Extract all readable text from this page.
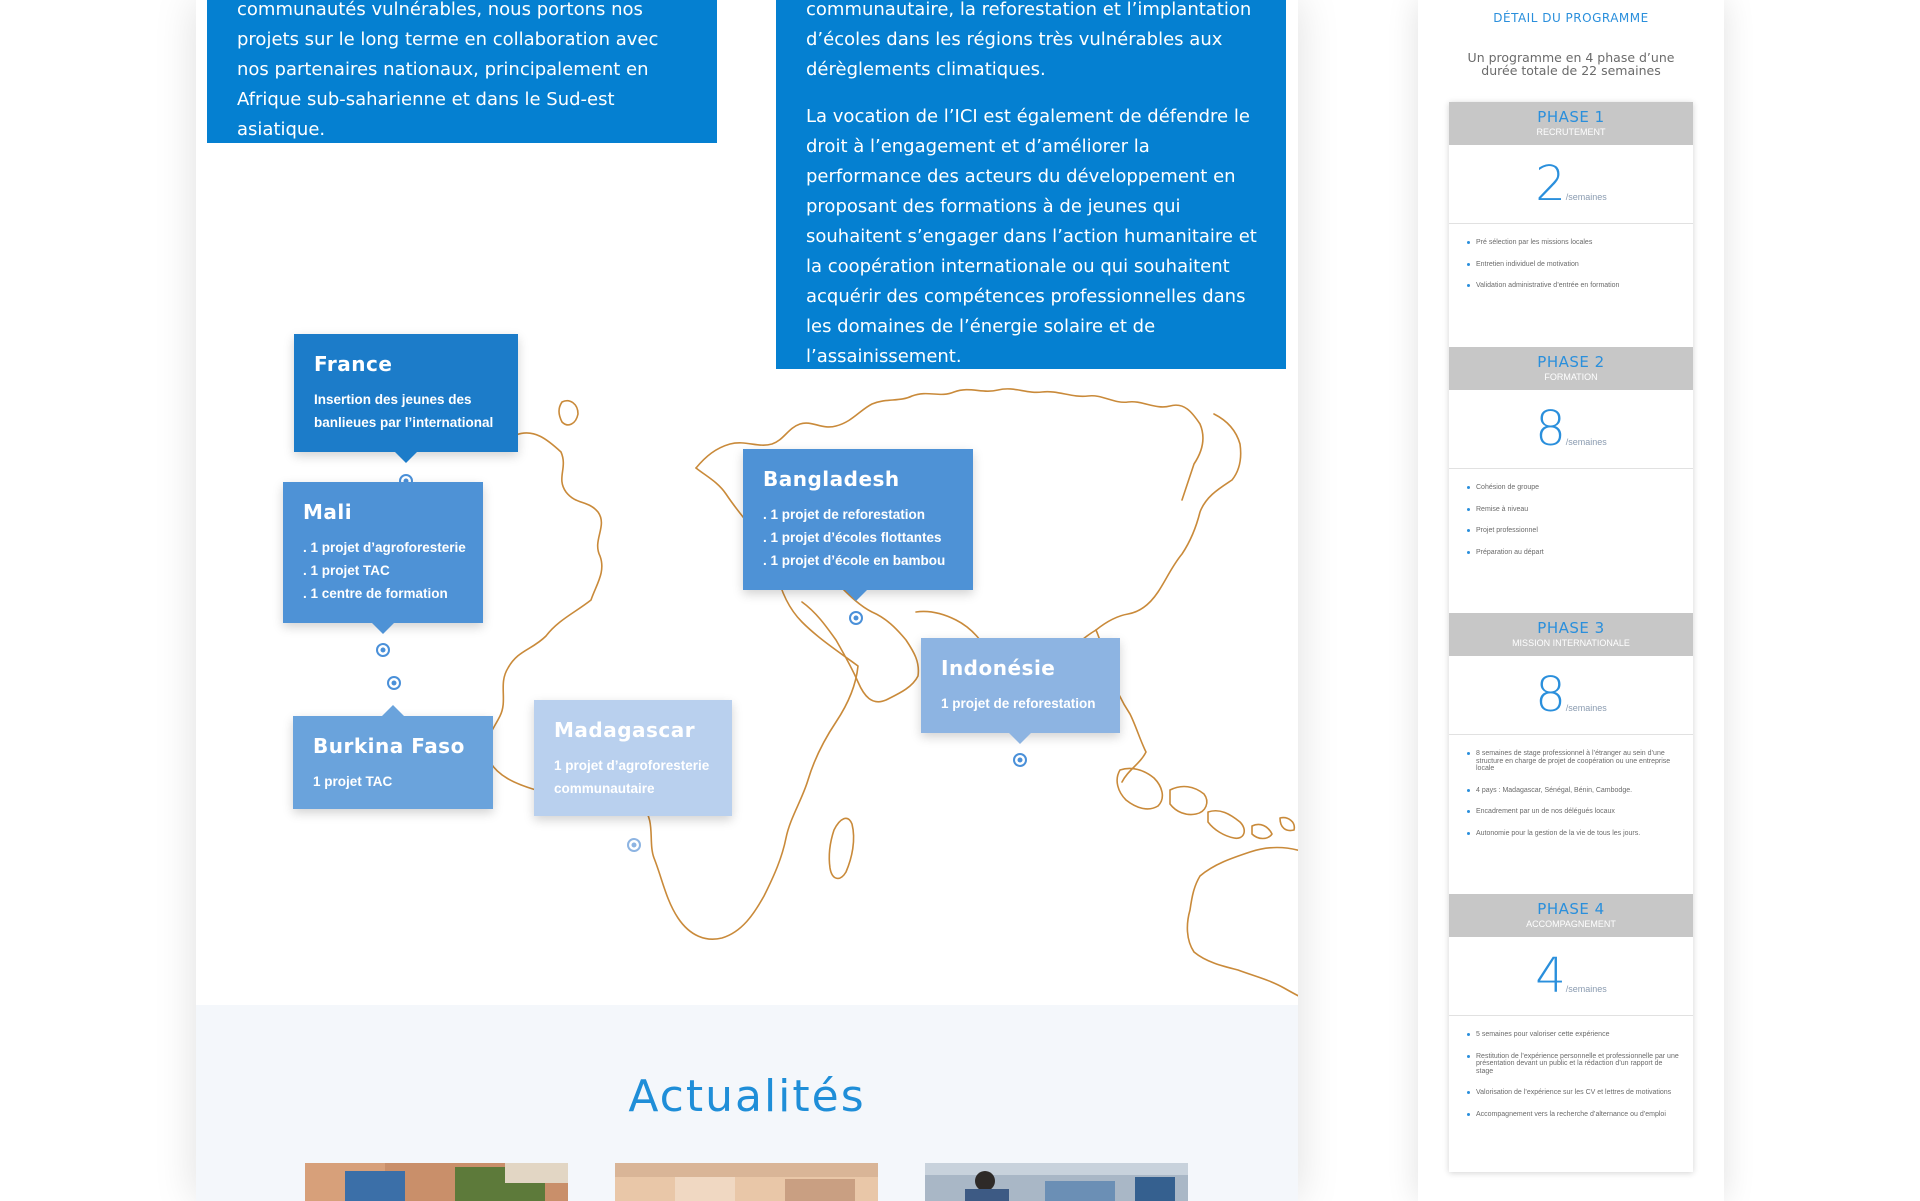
communautés vulnérables, nous portons nos projets sur le long terme en collaboration avec nos partenaires nationaux, principalement en Afrique sub-saharienne et dans le Sud-est asiatique.

communautaire, la reforestation et l’implantation d’écoles dans les régions très vulnérables aux dérèglements climatiques.

La vocation de l’ICI est également de défendre le droit à l’engagement et d’améliorer la performance des acteurs du développement en proposant des formations à de jeunes qui souhaitent s’engager dans l’action humanitaire et la coopération internationale ou qui souhaitent acquérir des compétences professionnelles dans les domaines de l’énergie solaire et de l’assainissement.

France
Insertion des jeunes des
banlieues par l’international
Mali
. 1 projet d’agroforesterie
. 1 projet TAC
. 1 centre de formation
Bangladesh
. 1 projet de reforestation
. 1 projet d’écoles flottantes
. 1 projet d’école en bambou
Indonésie
1 projet de reforestation
Burkina Faso
1 projet TAC
Madagascar
1 projet d’agroforesterie
communautaire
Actualités
DÉTAIL DU PROGRAMME
Un programme en 4 phase d’une
durée totale de 22 semaines
PHASE 1
RECRUTEMENT
2/semaines
Pré sélection par les missions locales
Entretien individuel de motivation
Validation administrative d’entrée en formation
PHASE 2
FORMATION
8/semaines
Cohésion de groupe
Remise à niveau
Projet professionnel
Préparation au départ
PHASE 3
MISSION INTERNATIONALE
8/semaines
8 semaines de stage professionnel à l’étranger au sein d’une structure en charge de projet de coopération ou une entreprise locale
4 pays : Madagascar, Sénégal, Bénin, Cambodge.
Encadrement par un de nos délégués locaux
Autonomie pour la gestion de la vie de tous les jours.
PHASE 4
ACCOMPAGNEMENT
4/semaines
5 semaines pour valoriser cette expérience
Restitution de l’expérience personnelle et professionnelle par une présentation devant un public et la rédaction d’un rapport de stage
Valorisation de l’expérience sur les CV et lettres de motivations
Accompagnement vers la recherche d’alternance ou d’emploi
